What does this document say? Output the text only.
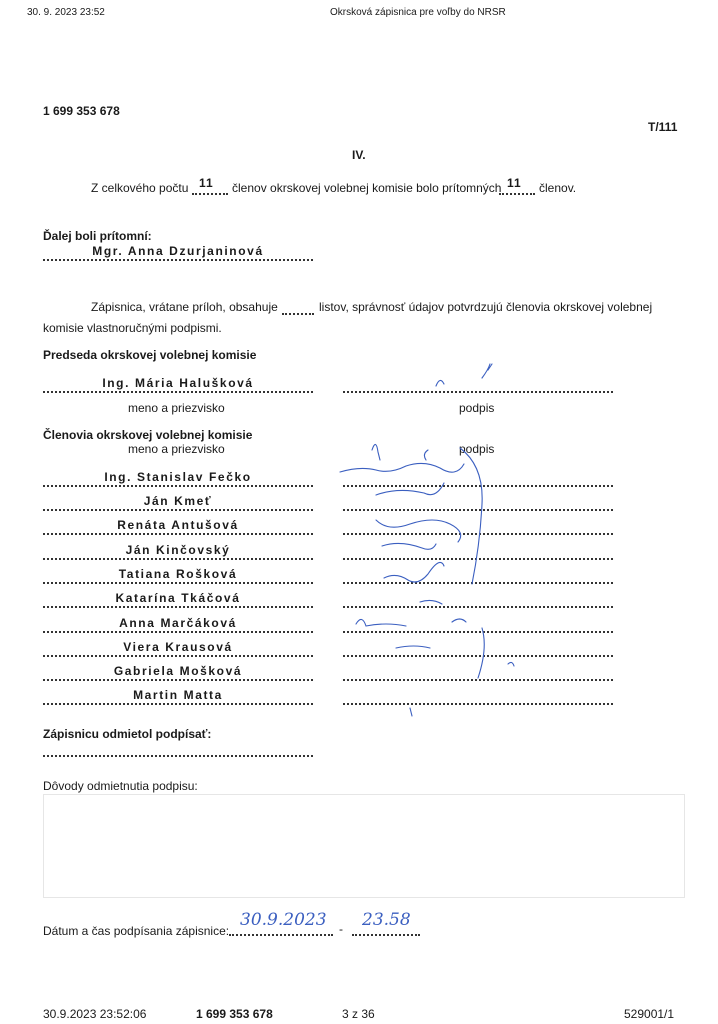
30. 9. 2023 23:52	Okrsková zápisnica pre voľby do NRSR
1 699 353 678
T/111
IV.
Z celkového počtu 11 členov okrskovej volebnej komisie bolo prítomných 11 členov.
Ďalej boli prítomní:
Mgr. Anna Dzurjaninová
Zápisnica, vrátane príloh, obsahuje	listov, správnosť údajov potvrdzujú členovia okrskovej volebnej
komisie vlastnoručnými podpismi.
Predseda okrskovej volebnej komisie
Ing. Mária Halušková
meno a priezvisko	podpis
Členovia okrskovej volebnej komisie
meno a priezvisko	podpis
Ing. Stanislav Fečko
Ján Kmeť
Renáta Antušová
Ján Kinčovský
Tatiana Rošková
Katarína Tkáčová
Anna Marčáková
Viera Krausová
Gabriela Mošková
Martin Matta
Zápisnicu odmietol podpísať:
Dôvody odmietnutia podpisu:
Dátum a čas podpísania zápisnice:
30.9.2023 - 23.58
30.9.2023 23:52:06	1 699 353 678	3 z 36	529001/1
